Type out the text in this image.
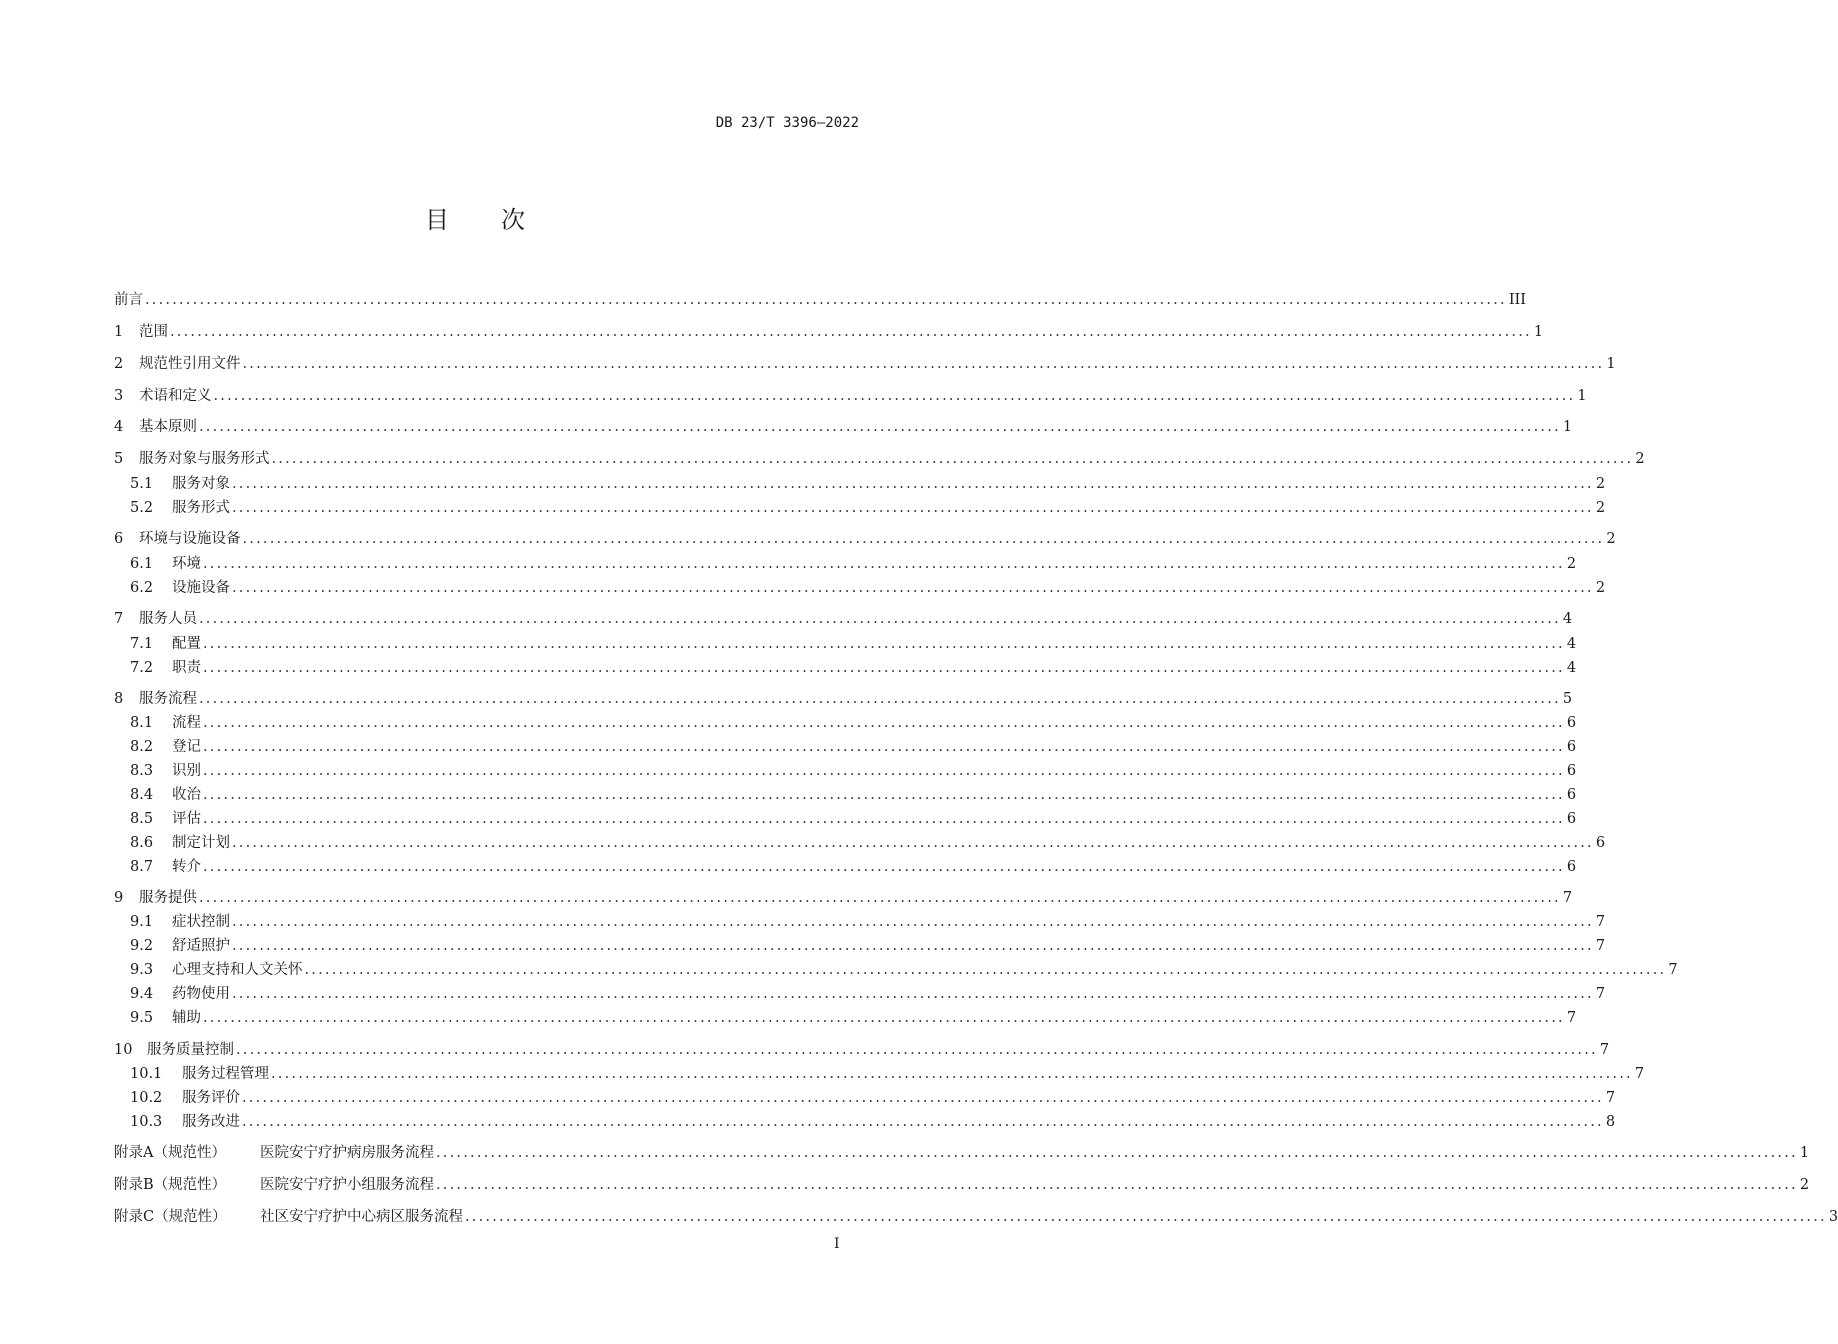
DB 23/T 3396—2022
目 次
前言 ........................................................................................................................................................................................................ III
1	范围 ........................................................................................................................................................................................................ 1
2	规范性引用文件 ........................................................................................................................................................................................................ 1
3	术语和定义 ........................................................................................................................................................................................................ 1
4	基本原则 ........................................................................................................................................................................................................ 1
5	服务对象与服务形式 ........................................................................................................................................................................................................ 2
5.1	服务对象 ........................................................................................................................................................................................................ 2
5.2	服务形式 ........................................................................................................................................................................................................ 2
6	环境与设施设备 ........................................................................................................................................................................................................ 2
6.1	环境 ........................................................................................................................................................................................................ 2
6.2	设施设备 ........................................................................................................................................................................................................ 2
7	服务人员 ........................................................................................................................................................................................................ 4
7.1	配置 ........................................................................................................................................................................................................ 4
7.2	职责 ........................................................................................................................................................................................................ 4
8	服务流程 ........................................................................................................................................................................................................ 5
8.1	流程 ........................................................................................................................................................................................................ 6
8.2	登记 ........................................................................................................................................................................................................ 6
8.3	识别 ........................................................................................................................................................................................................ 6
8.4	收治 ........................................................................................................................................................................................................ 6
8.5	评估 ........................................................................................................................................................................................................ 6
8.6	制定计划 ........................................................................................................................................................................................................ 6
8.7	转介 ........................................................................................................................................................................................................ 6
9	服务提供 ........................................................................................................................................................................................................ 7
9.1	症状控制 ........................................................................................................................................................................................................ 7
9.2	舒适照护 ........................................................................................................................................................................................................ 7
9.3	心理支持和人文关怀 ........................................................................................................................................................................................................ 7
9.4	药物使用 ........................................................................................................................................................................................................ 7
9.5	辅助 ........................................................................................................................................................................................................ 7
10	服务质量控制 ........................................................................................................................................................................................................ 7
10.1	服务过程管理 ........................................................................................................................................................................................................ 7
10.2	服务评价 ........................................................................................................................................................................................................ 7
10.3	服务改进 ........................................................................................................................................................................................................ 8
附录A（规范性）	医院安宁疗护病房服务流程 ........................................................................................................................................................................................................ 1
附录B（规范性）	医院安宁疗护小组服务流程 ........................................................................................................................................................................................................ 2
附录C（规范性）	社区安宁疗护中心病区服务流程 ........................................................................................................................................................................................................ 3
I
